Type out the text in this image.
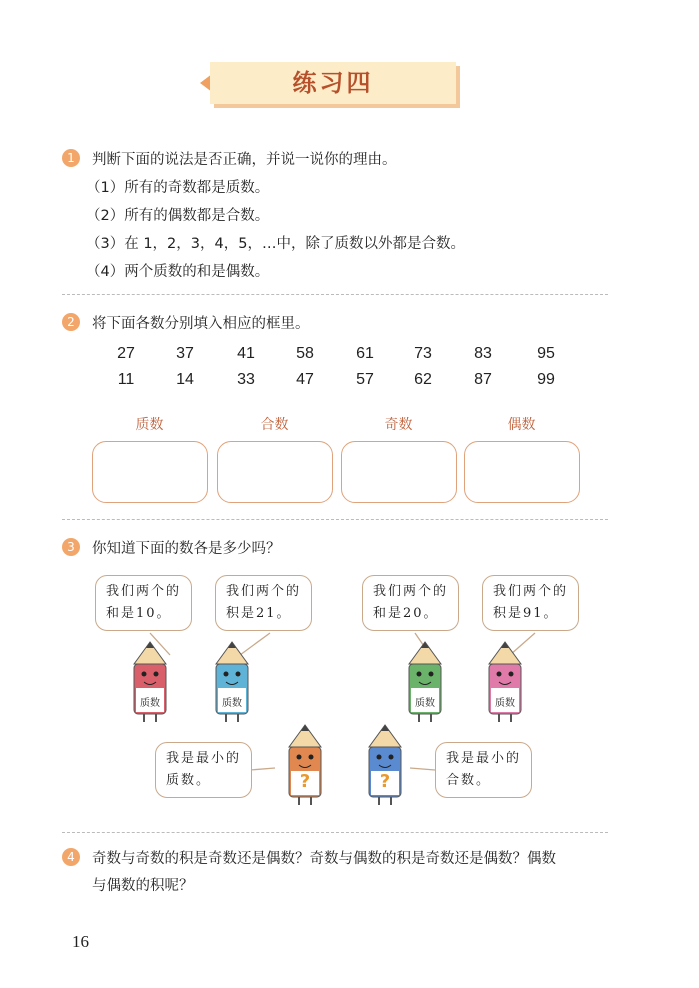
练习四
1	判断下面的说法是否正确，并说一说你的理由。
（1）所有的奇数都是质数。
（2）所有的偶数都是合数。
（3）在 1，2，3，4，5，…中，除了质数以外都是合数。
（4）两个质数的和是偶数。
2	将下面各数分别填入相应的框里。
27	37	41	58	61	73	83	95
11	14	33	47	57	62	87	99
质数	合数	奇数	偶数
3	你知道下面的数各是多少吗？
我们两个的
和是10。
我们两个的
积是21。
我们两个的
和是20。
我们两个的
积是91。
我是最小的
质数。
我是最小的
合数。
质数	质数	质数	质数
?	?
4	奇数与奇数的积是奇数还是偶数？奇数与偶数的积是奇数还是偶数？偶数
与偶数的积呢？
16
